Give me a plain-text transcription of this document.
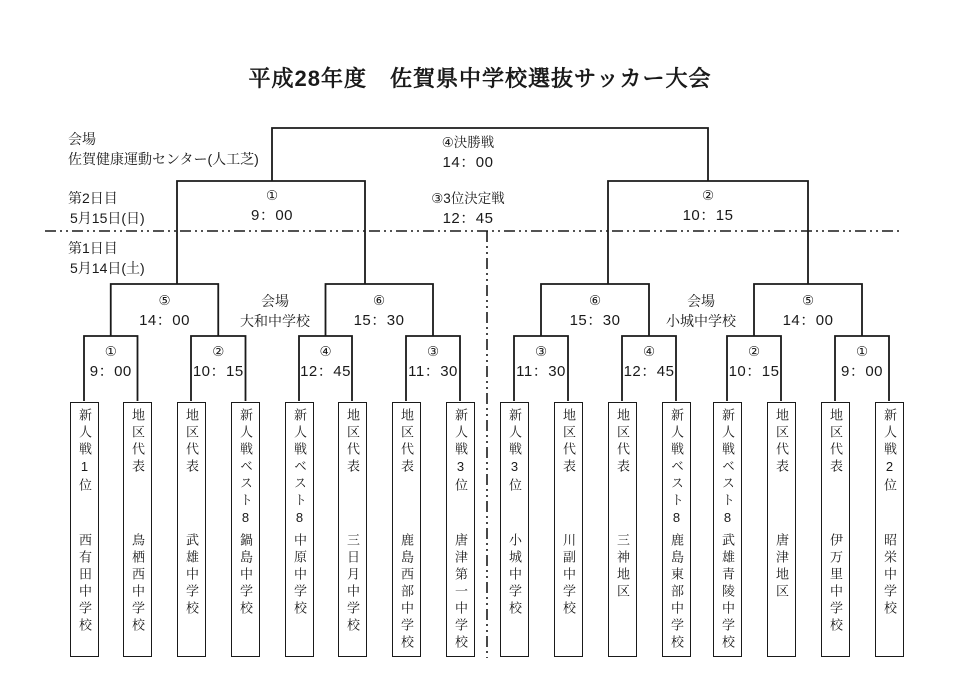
平成28年度　佐賀県中学校選抜サッカー大会
会場
佐賀健康運動センター(人工芝)
第2日目
5月15日(日)
第1日目
5月14日(土)
④決勝戦
14：00
③3位決定戦
12：45
①
9：00
②
10：15
⑤
14：00
⑥
15：30
⑥
15：30
⑤
14：00
会場
大和中学校
会場
小城中学校
①
9：00
②
10：15
④
12：45
③
11：30
③
11：30
④
12：45
②
10：15
①
9：00
新人戦1位
西有田中学校
地区代表
鳥栖西中学校
地区代表
武雄中学校
新人戦ベスト8
鍋島中学校
新人戦ベスト8
中原中学校
地区代表
三日月中学校
地区代表
鹿島西部中学校
新人戦3位
唐津第一中学校
新人戦3位
小城中学校
地区代表
川副中学校
地区代表
三神地区
新人戦ベスト8
鹿島東部中学校
新人戦ベスト8
武雄青陵中学校
地区代表
唐津地区
地区代表
伊万里中学校
新人戦2位
昭栄中学校
